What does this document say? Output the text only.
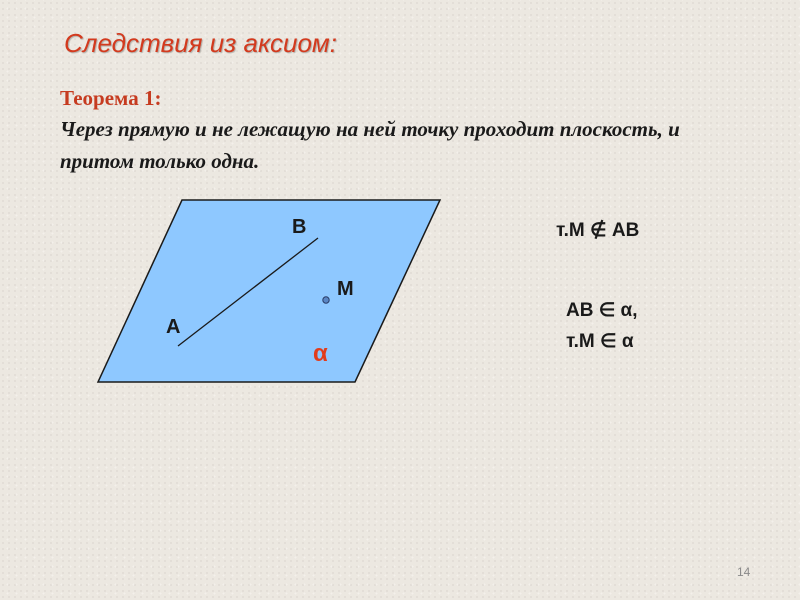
Следствия из аксиом:
Теорема 1:
Через прямую и не лежащую на ней точку проходит плоскость, и притом только одна.
В
М
А
α
т.М ∉ АВ
АВ ∈ α,
т.М ∈ α
14
